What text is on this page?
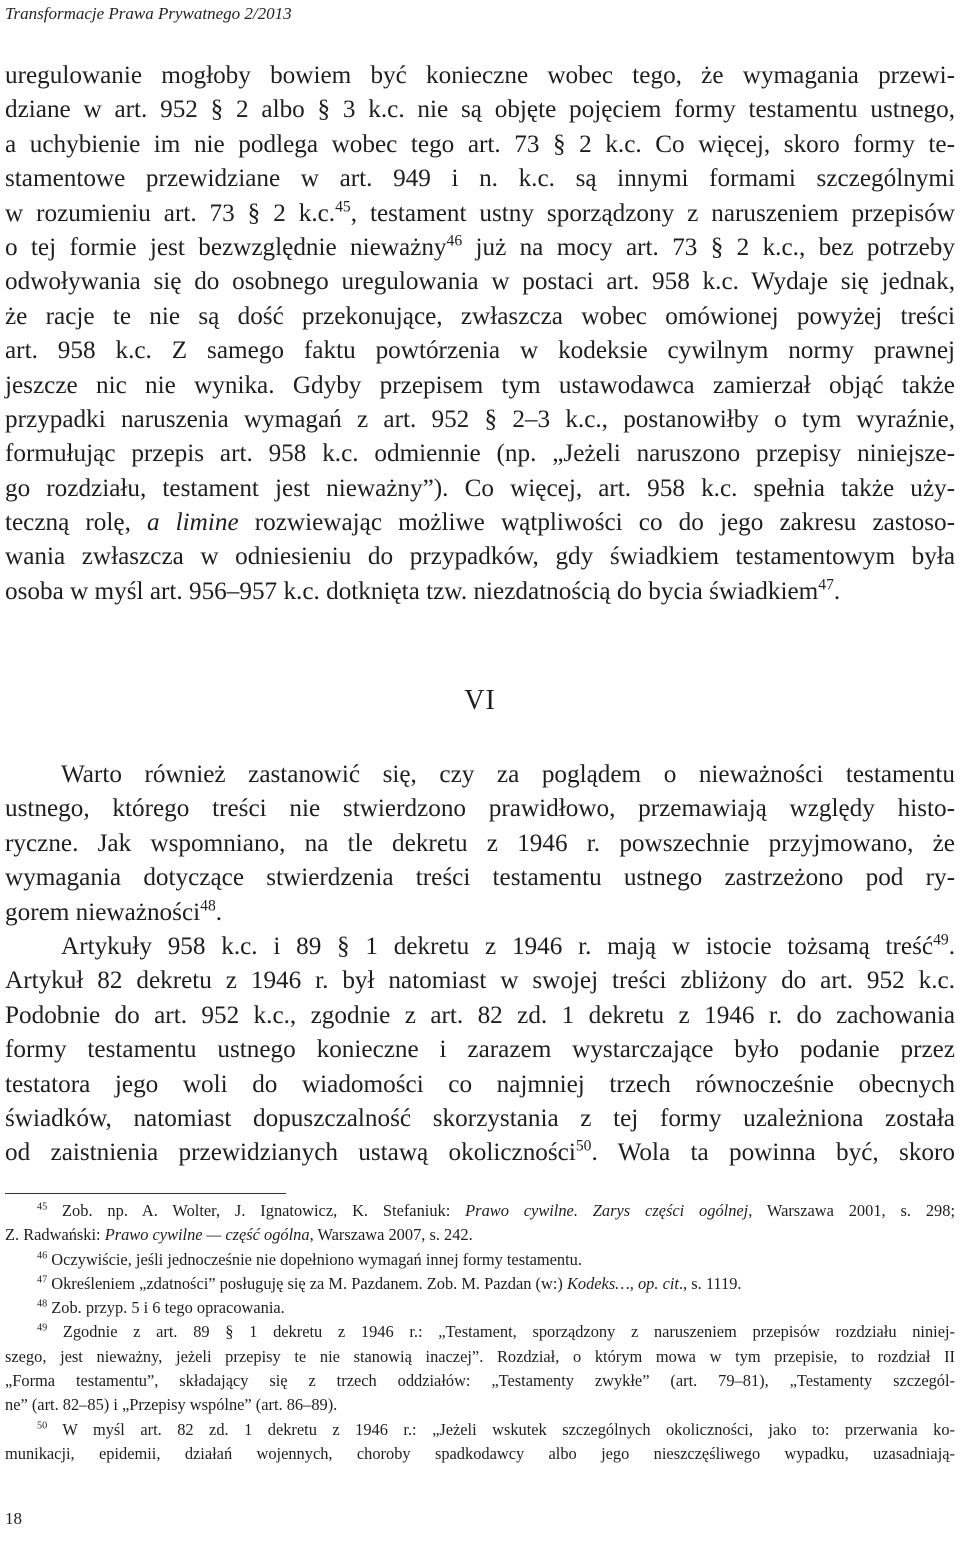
Transformacje Prawa Prywatnego 2/2013
uregulowanie mogłoby bowiem być konieczne wobec tego, że wymagania przewi-
dziane w art. 952 § 2 albo § 3 k.c. nie są objęte pojęciem formy testamentu ustnego,
a uchybienie im nie podlega wobec tego art. 73 § 2 k.c. Co więcej, skoro formy te-
stamentowe przewidziane w art. 949 i n. k.c. są innymi formami szczególnymi
w rozumieniu art. 73 § 2 k.c.$^{45}$, testament ustny sporządzony z naruszeniem przepisów
o tej formie jest bezwzględnie nieważny$^{46}$ już na mocy art. 73 § 2 k.c., bez potrzeby
odwoływania się do osobnego uregulowania w postaci art. 958 k.c. Wydaje się jednak,
że racje te nie są dość przekonujące, zwłaszcza wobec omówionej powyżej treści
art. 958 k.c. Z samego faktu powtórzenia w kodeksie cywilnym normy prawnej
jeszcze nic nie wynika. Gdyby przepisem tym ustawodawca zamierzał objąć także
przypadki naruszenia wymagań z art. 952 § 2–3 k.c., postanowiłby o tym wyraźnie,
formułując przepis art. 958 k.c. odmiennie (np. „Jeżeli naruszono przepisy niniejsze-
go rozdziału, testament jest nieważny”). Co więcej, art. 958 k.c. spełnia także uży-
teczną rolę, a limine rozwiewając możliwe wątpliwości co do jego zakresu zastoso-
wania zwłaszcza w odniesieniu do przypadków, gdy świadkiem testamentowym była
osoba w myśl art. 956–957 k.c. dotknięta tzw. niezdatnością do bycia świadkiem$^{47}$.
VI
Warto również zastanowić się, czy za poglądem o nieważności testamentu
ustnego, którego treści nie stwierdzono prawidłowo, przemawiają względy histo-
ryczne. Jak wspomniano, na tle dekretu z 1946 r. powszechnie przyjmowano, że
wymagania dotyczące stwierdzenia treści testamentu ustnego zastrzeżono pod ry-
gorem nieważności$^{48}$.
Artykuły 958 k.c. i 89 § 1 dekretu z 1946 r. mają w istocie tożsamą treść$^{49}$.
Artykuł 82 dekretu z 1946 r. był natomiast w swojej treści zbliżony do art. 952 k.c.
Podobnie do art. 952 k.c., zgodnie z art. 82 zd. 1 dekretu z 1946 r. do zachowania
formy testamentu ustnego konieczne i zarazem wystarczające było podanie przez
testatora jego woli do wiadomości co najmniej trzech równocześnie obecnych
świadków, natomiast dopuszczalność skorzystania z tej formy uzależniona została
od zaistnienia przewidzianych ustawą okoliczności$^{50}$. Wola ta powinna być, skoro
$^{45}$ Zob. np. A. Wolter, J. Ignatowicz, K. Stefaniuk: Prawo cywilne. Zarys części ogólnej, Warszawa 2001, s. 298;
Z. Radwański: Prawo cywilne — część ogólna, Warszawa 2007, s. 242.
$^{46}$ Oczywiście, jeśli jednocześnie nie dopełniono wymagań innej formy testamentu.
$^{47}$ Określeniem „zdatności” posługuję się za M. Pazdanem. Zob. M. Pazdan (w:) Kodeks…, op. cit., s. 1119.
$^{48}$ Zob. przyp. 5 i 6 tego opracowania.
$^{49}$ Zgodnie z art. 89 § 1 dekretu z 1946 r.: „Testament, sporządzony z naruszeniem przepisów rozdziału niniej-
szego, jest nieważny, jeżeli przepisy te nie stanowią inaczej”. Rozdział, o którym mowa w tym przepisie, to rozdział II
„Forma testamentu”, składający się z trzech oddziałów: „Testamenty zwykłe” (art. 79–81), „Testamenty szczegól-
ne” (art. 82–85) i „Przepisy wspólne” (art. 86–89).
$^{50}$ W myśl art. 82 zd. 1 dekretu z 1946 r.: „Jeżeli wskutek szczególnych okoliczności, jako to: przerwania ko-
munikacji, epidemii, działań wojennych, choroby spadkodawcy albo jego nieszczęśliwego wypadku, uzasadniają-
18
